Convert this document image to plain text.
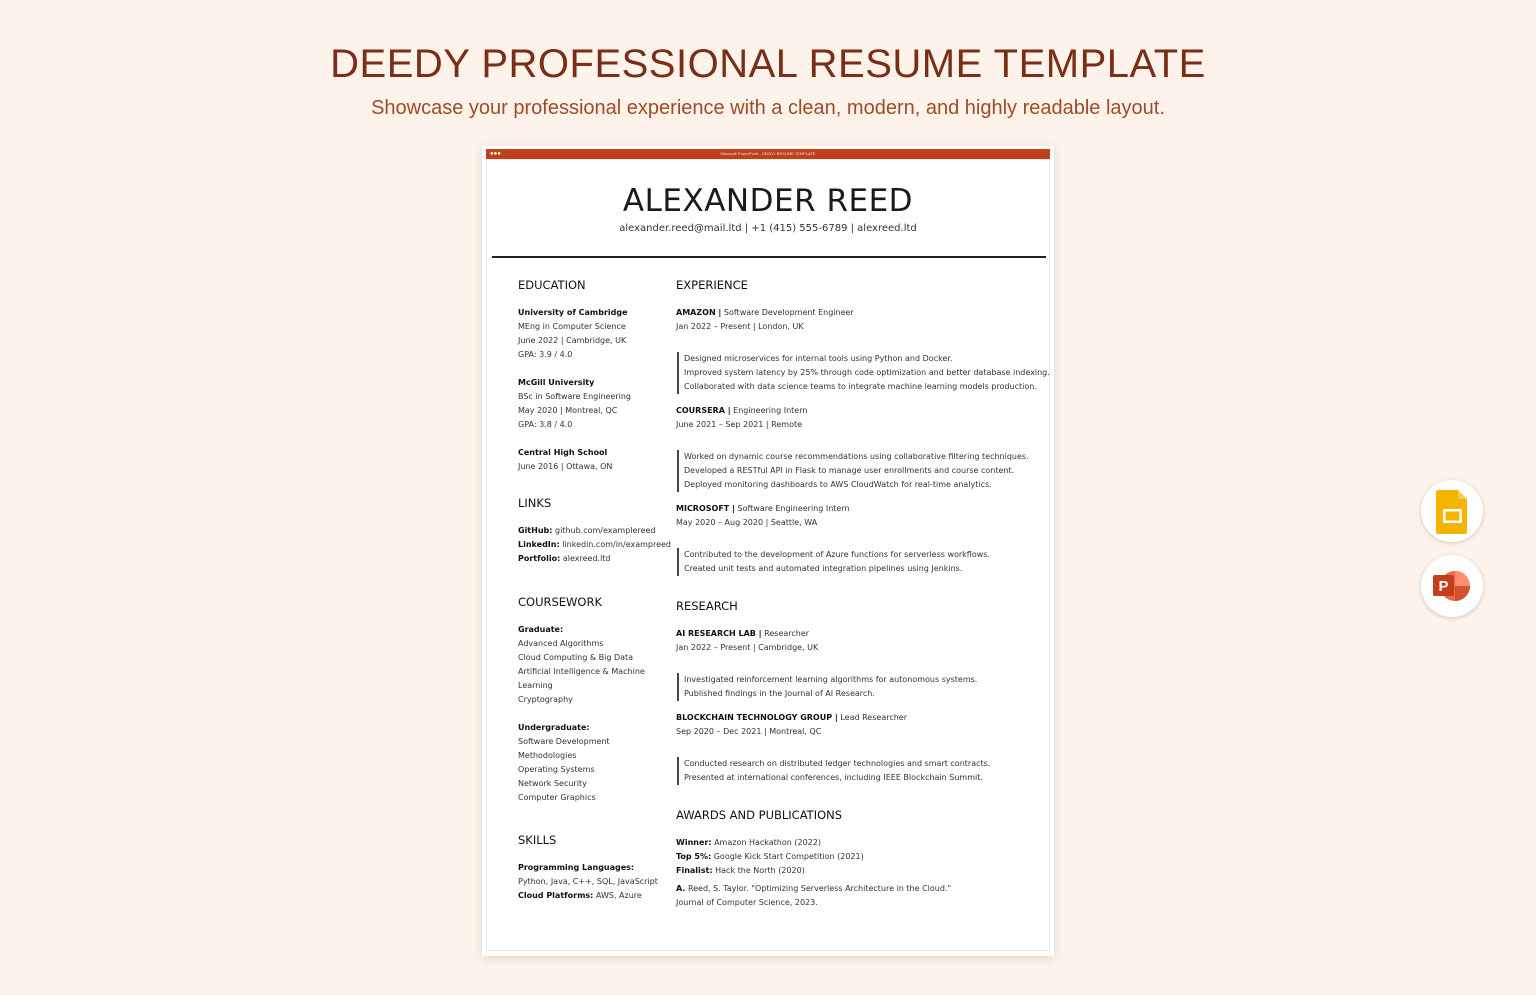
DEEDY PROFESSIONAL RESUME TEMPLATE
Showcase your professional experience with a clean, modern, and highly readable layout.
●●●	Microsoft PowerPoint - DEEDY RESUME TEMPLATE
ALEXANDER REED
alexander.reed@mail.ltd | +1 (415) 555-6789 | alexreed.ltd
EDUCATION
University of Cambridge
MEng in Computer Science
June 2022 | Cambridge, UK
GPA: 3.9 / 4.0
McGill University
BSc in Software Engineering
May 2020 | Montreal, QC
GPA: 3.8 / 4.0
Central High School
June 2016 | Ottawa, ON
LINKS
GitHub: github.com/examplereed
LinkedIn: linkedin.com/in/exampreed
Portfolio: alexreed.ltd
COURSEWORK
Graduate:
Advanced Algorithms
Cloud Computing & Big Data
Artificial Intelligence & Machine
Learning
Cryptography
Undergraduate:
Software Development
Methodologies
Operating Systems
Network Security
Computer Graphics
SKILLS
Programming Languages:
Python, Java, C++, SQL, JavaScript
Cloud Platforms: AWS, Azure
EXPERIENCE
AMAZON | Software Development Engineer
Jan 2022 – Present | London, UK
Designed microservices for internal tools using Python and Docker.
Improved system latency by 25% through code optimization and better database indexing.
Collaborated with data science teams to integrate machine learning models production.
COURSERA | Engineering Intern
June 2021 – Sep 2021 | Remote
Worked on dynamic course recommendations using collaborative filtering techniques.
Developed a RESTful API in Flask to manage user enrollments and course content.
Deployed monitoring dashboards to AWS CloudWatch for real-time analytics.
MICROSOFT | Software Engineering Intern
May 2020 – Aug 2020 | Seattle, WA
Contributed to the development of Azure functions for serverless workflows.
Created unit tests and automated integration pipelines using Jenkins.
RESEARCH
AI RESEARCH LAB | Researcher
Jan 2022 – Present | Cambridge, UK
Investigated reinforcement learning algorithms for autonomous systems.
Published findings in the Journal of AI Research.
BLOCKCHAIN TECHNOLOGY GROUP | Lead Researcher
Sep 2020 – Dec 2021 | Montreal, QC
Conducted research on distributed ledger technologies and smart contracts.
Presented at international conferences, including IEEE Blockchain Summit.
AWARDS AND PUBLICATIONS
Winner: Amazon Hackathon (2022)
Top 5%: Google Kick Start Competition (2021)
Finalist: Hack the North (2020)
A. Reed, S. Taylor. "Optimizing Serverless Architecture in the Cloud."
Journal of Computer Science, 2023.
P
